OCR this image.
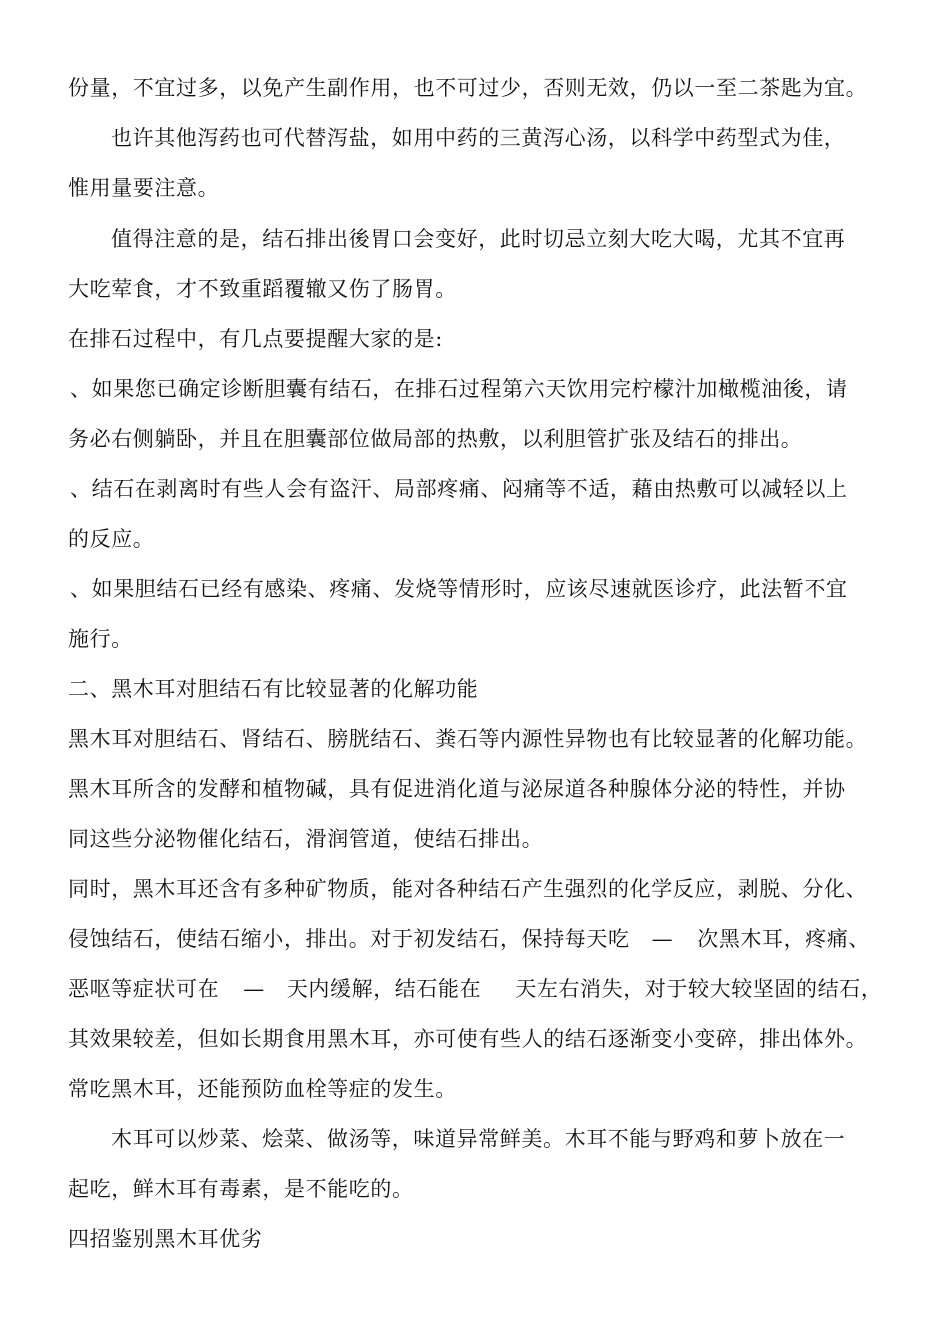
份量，不宜过多，以免产生副作用，也不可过少，否则无效，仍以一至二茶匙为宜。
也许其他泻药也可代替泻盐，如用中药的三黄泻心汤，以科学中药型式为佳，
惟用量要注意。
值得注意的是，结石排出後胃口会变好，此时切忌立刻大吃大喝，尤其不宜再
大吃荤食，才不致重蹈覆辙又伤了肠胃。
在排石过程中，有几点要提醒大家的是:
、如果您已确定诊断胆囊有结石，在排石过程第六天饮用完柠檬汁加橄榄油後，请
务必右侧躺卧，并且在胆囊部位做局部的热敷，以利胆管扩张及结石的排出。
、结石在剥离时有些人会有盗汗、局部疼痛、闷痛等不适，藉由热敷可以减轻以上
的反应。
、如果胆结石已经有感染、疼痛、发烧等情形时，应该尽速就医诊疗，此法暂不宜
施行。
二、黑木耳对胆结石有比较显著的化解功能
黑木耳对胆结石、肾结石、膀胱结石、粪石等内源性异物也有比较显著的化解功能。
黑木耳所含的发酵和植物碱，具有促进消化道与泌尿道各种腺体分泌的特性，并协
同这些分泌物催化结石，滑润管道，使结石排出。
同时，黑木耳还含有多种矿物质，能对各种结石产生强烈的化学反应，剥脱、分化、
侵蚀结石，使结石缩小，排出。对于初发结石，保持每天吃 — 次黑木耳，疼痛、
恶呕等症状可在 — 天内缓解，结石能在 天左右消失，对于较大较坚固的结石，
其效果较差，但如长期食用黑木耳，亦可使有些人的结石逐渐变小变碎，排出体外。
常吃黑木耳，还能预防血栓等症的发生。
木耳可以炒菜、烩菜、做汤等，味道异常鲜美。木耳不能与野鸡和萝卜放在一
起吃，鲜木耳有毒素，是不能吃的。
四招鉴别黑木耳优劣
